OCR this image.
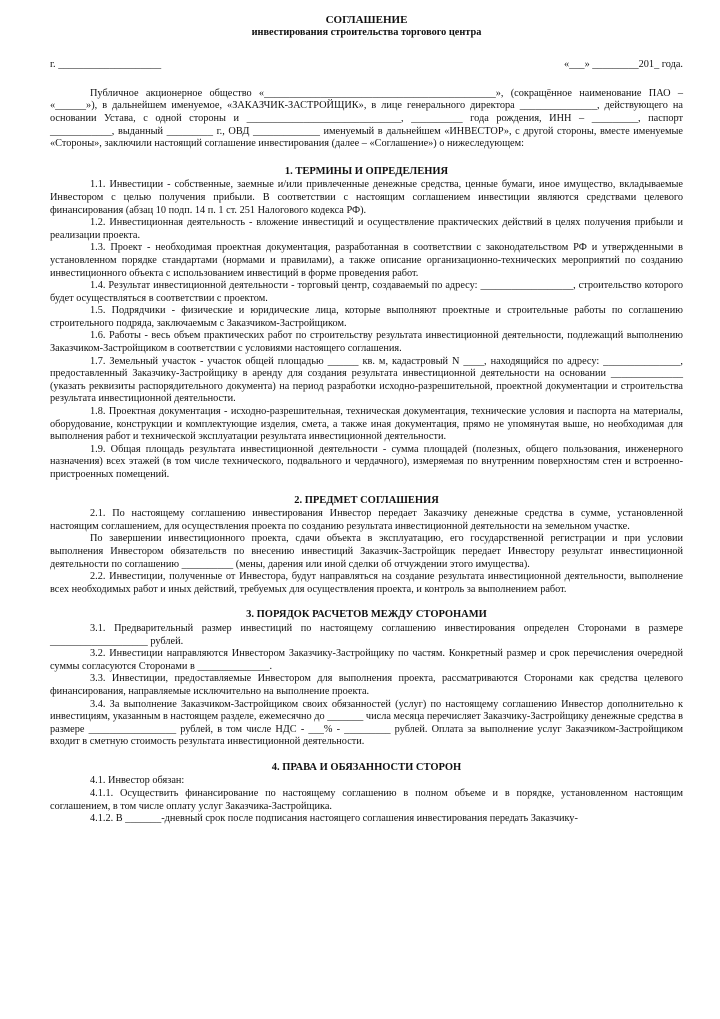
СОГЛАШЕНИЕ
инвестирования строительства торгового центра
г. ____________________	«___» _________201_ года.

Публичное акционерное общество «_____________________________________________», (сокращённое наименование ПАО – «______»), в дальнейшем именуемое, «ЗАКАЗЧИК-ЗАСТРОЙЩИК», в лице генерального директора _______________, действующего на основании Устава, с одной стороны и ______________________________, __________ года рождения, ИНН – _________, паспорт ____________, выданный _________ г., ОВД _____________ именуемый в дальнейшем «ИНВЕСТОР», с другой стороны, вместе именуемые «Стороны», заключили настоящий соглашение инвестирования (далее – «Соглашение») о нижеследующем:

1. ТЕРМИНЫ И ОПРЕДЕЛЕНИЯ

1.1. Инвестиции - собственные, заемные и/или привлеченные денежные средства, ценные бумаги, иное имущество, вкладываемые Инвестором с целью получения прибыли. В соответствии с настоящим соглашением инвестиции являются средствами целевого финансирования (абзац 10 подп. 14 п. 1 ст. 251 Налогового кодекса РФ).

1.2. Инвестиционная деятельность - вложение инвестиций и осуществление практических действий в целях получения прибыли и реализации проекта.

1.3. Проект - необходимая проектная документация, разработанная в соответствии с законодательством РФ и утвержденными в установленном порядке стандартами (нормами и правилами), а также описание организационно-технических мероприятий по созданию инвестиционного объекта с использованием инвестиций в форме проведения работ.

1.4. Результат инвестиционной деятельности - торговый центр, создаваемый по адресу: __________________, строительство которого будет осуществляться в соответствии с проектом.

1.5. Подрядчики - физические и юридические лица, которые выполняют проектные и строительные работы по соглашению строительного подряда, заключаемым с Заказчиком-Застройщиком.

1.6. Работы - весь объем практических работ по строительству результата инвестиционной деятельности, подлежащий выполнению Заказчиком-Застройщиком в соответствии с условиями настоящего соглашения.

1.7. Земельный участок - участок общей площадью ______ кв. м, кадастровый N ____, находящийся по адресу: _______________, предоставленный Заказчику-Застройщику в аренду для создания результата инвестиционной деятельности на основании ______________ (указать реквизиты распорядительного документа) на период разработки исходно-разрешительной, проектной документации и строительства результата инвестиционной деятельности.

1.8. Проектная документация - исходно-разрешительная, техническая документация, технические условия и паспорта на материалы, оборудование, конструкции и комплектующие изделия, смета, а также иная документация, прямо не упомянутая выше, но необходимая для выполнения работ и технической эксплуатации результата инвестиционной деятельности.

1.9. Общая площадь результата инвестиционной деятельности - сумма площадей (полезных, общего пользования, инженерного назначения) всех этажей (в том числе технического, подвального и чердачного), измеряемая по внутренним поверхностям стен и встроенно-пристроенных помещений.

2. ПРЕДМЕТ СОГЛАШЕНИЯ

2.1. По настоящему соглашению инвестирования Инвестор передает Заказчику денежные средства в сумме, установленной настоящим соглашением, для осуществления проекта по созданию результата инвестиционной деятельности на земельном участке.

По завершении инвестиционного проекта, сдачи объекта в эксплуатацию, его государственной регистрации и при условии выполнения Инвестором обязательств по внесению инвестиций Заказчик-Застройщик передает Инвестору результат инвестиционной деятельности по соглашению __________ (мены, дарения или иной сделки об отчуждении этого имущества).

2.2. Инвестиции, полученные от Инвестора, будут направляться на создание результата инвестиционной деятельности, выполнение всех необходимых работ и иных действий, требуемых для осуществления проекта, и контроль за выполнением работ.

3. ПОРЯДОК РАСЧЕТОВ МЕЖДУ СТОРОНАМИ

3.1. Предварительный размер инвестиций по настоящему соглашению инвестирования определен Сторонами в размере ___________________ рублей.

3.2. Инвестиции направляются Инвестором Заказчику-Застройщику по частям. Конкретный размер и срок перечисления очередной суммы согласуются Сторонами в ______________.

3.3. Инвестиции, предоставляемые Инвестором для выполнения проекта, рассматриваются Сторонами как средства целевого финансирования, направляемые исключительно на выполнение проекта.

3.4. За выполнение Заказчиком-Застройщиком своих обязанностей (услуг) по настоящему соглашению Инвестор дополнительно к инвестициям, указанным в настоящем разделе, ежемесячно до _______ числа месяца перечисляет Заказчику-Застройщику денежные средства в размере _________________ рублей, в том числе НДС - ___% - _________ рублей. Оплата за выполнение услуг Заказчиком-Застройщиком входит в сметную стоимость результата инвестиционной деятельности.

4. ПРАВА И ОБЯЗАННОСТИ СТОРОН

4.1. Инвестор обязан:

4.1.1. Осуществить финансирование по настоящему соглашению в полном объеме и в порядке, установленном настоящим соглашением, в том числе оплату услуг Заказчика-Застройщика.

4.1.2. В _______-дневный срок после подписания настоящего соглашения инвестирования передать Заказчику-
